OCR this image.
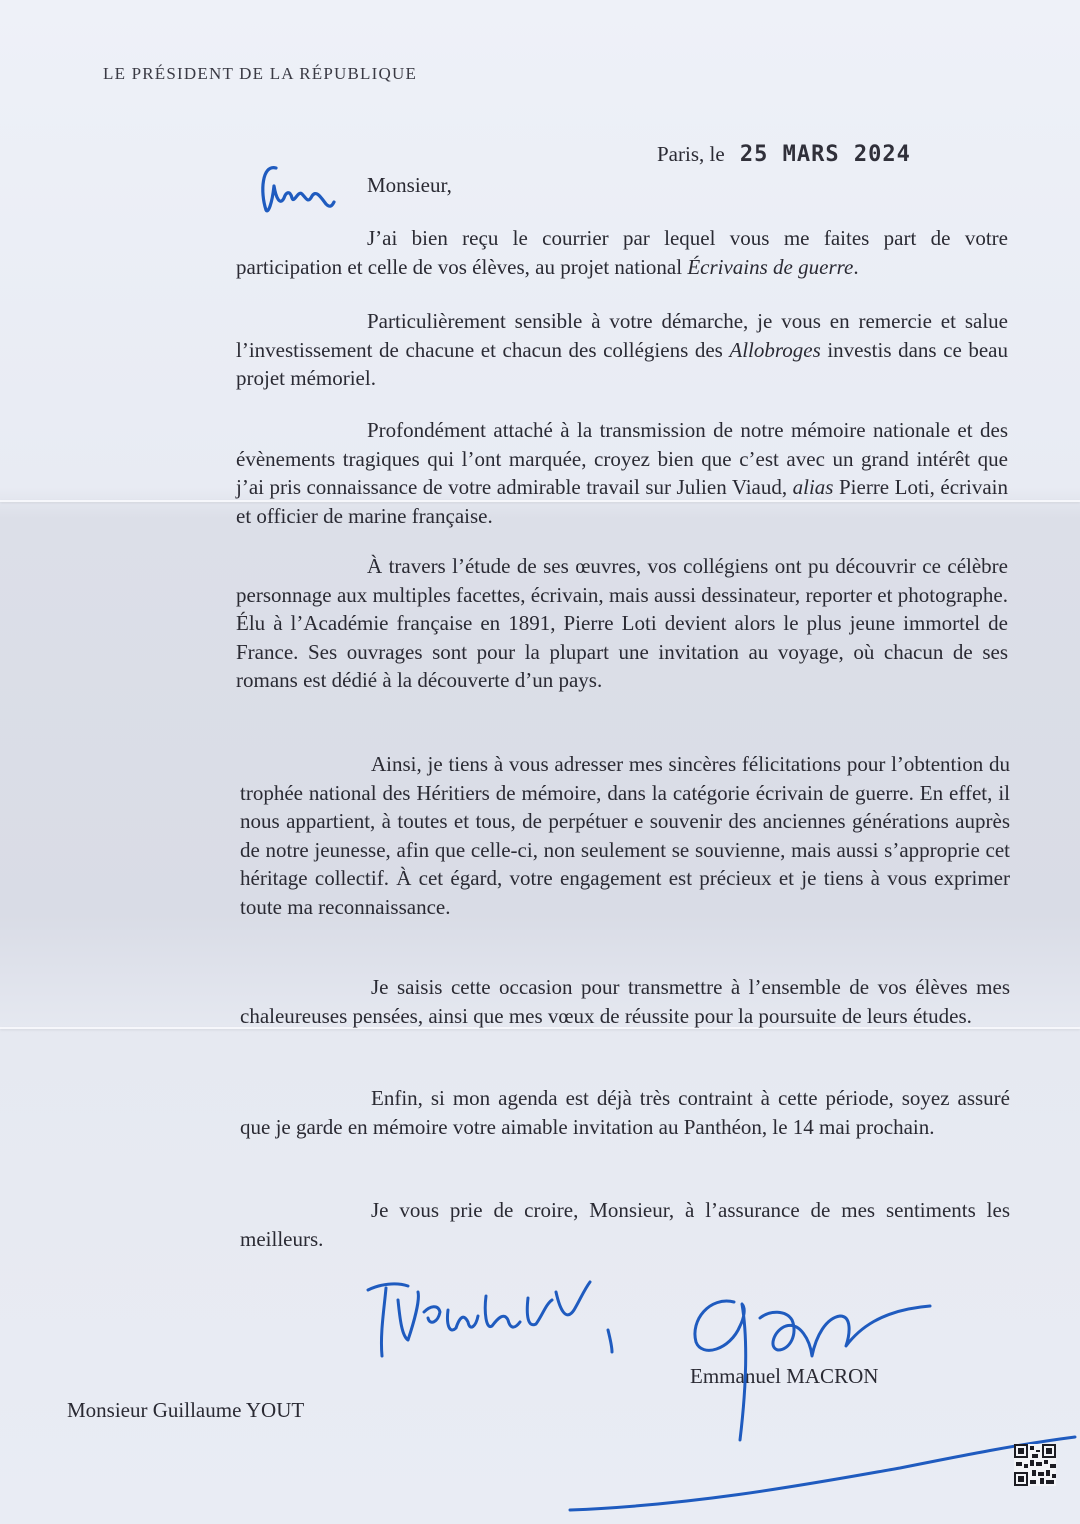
LE PRÉSIDENT DE LA RÉPUBLIQUE
Paris, le 25 MARS 2024
Monsieur,

J’ai bien reçu le courrier par lequel vous me faites part de votre participation et celle de vos élèves, au projet national Écrivains de guerre.

Particulièrement sensible à votre démarche, je vous en remercie et salue l’investissement de chacune et chacun des collégiens des Allobroges investis dans ce beau projet mémoriel.

Profondément attaché à la transmission de notre mémoire nationale et des évènements tragiques qui l’ont marquée, croyez bien que c’est avec un grand intérêt que j’ai pris connaissance de votre admirable travail sur Julien Viaud, alias Pierre Loti, écrivain et officier de marine française.

À travers l’étude de ses œuvres, vos collégiens ont pu découvrir ce célèbre personnage aux multiples facettes, écrivain, mais aussi dessinateur, reporter et photographe. Élu à l’Académie française en 1891, Pierre Loti devient alors le plus jeune immortel de France. Ses ouvrages sont pour la plupart une invitation au voyage, où chacun de ses romans est dédié à la découverte d’un pays.

Ainsi, je tiens à vous adresser mes sincères félicitations pour l’obtention du trophée national des Héritiers de mémoire, dans la catégorie écrivain de guerre. En effet, il nous appartient, à toutes et tous, de perpétuer e souvenir des anciennes générations auprès de notre jeunesse, afin que celle-ci, non seulement se souvienne, mais aussi s’approprie cet héritage collectif. À cet égard, votre engagement est précieux et je tiens à vous exprimer toute ma reconnaissance.

Je saisis cette occasion pour transmettre à l’ensemble de vos élèves mes chaleureuses pensées, ainsi que mes vœux de réussite pour la poursuite de leurs études.

Enfin, si mon agenda est déjà très contraint à cette période, soyez assuré que je garde en mémoire votre aimable invitation au Panthéon, le 14 mai prochain.

Je vous prie de croire, Monsieur, à l’assurance de mes sentiments les meilleurs.

Emmanuel MACRON
Monsieur Guillaume YOUT
